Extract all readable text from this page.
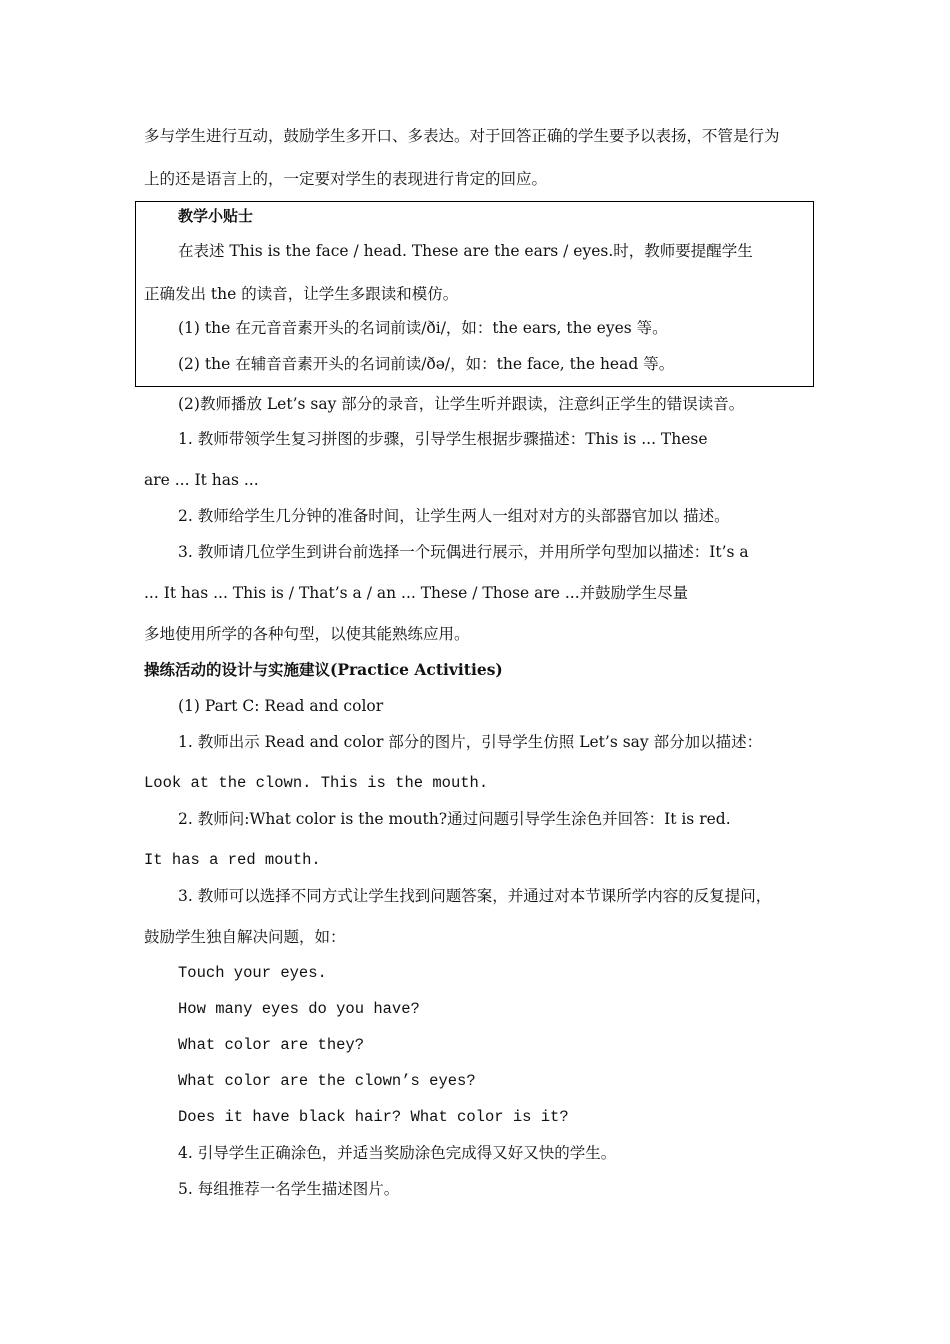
多与学生进行互动，鼓励学生多开口、多表达。对于回答正确的学生要予以表扬，不管是行为
上的还是语言上的，一定要对学生的表现进行肯定的回应。
教学小贴士
在表述 This is the face / head. These are the ears / eyes.时，教师要提醒学生
正确发出 the 的读音，让学生多跟读和模仿。
(1) the 在元音音素开头的名词前读/ði/，如：the ears, the eyes 等。
(2) the 在辅音音素开头的名词前读/ðə/，如：the face, the head 等。
(2)教师播放 Let’s say 部分的录音，让学生听并跟读，注意纠正学生的错误读音。
1. 教师带领学生复习拼图的步骤，引导学生根据步骤描述：This is ... These
are ... It has ...
2. 教师给学生几分钟的准备时间，让学生两人一组对对方的头部器官加以 描述。
3. 教师请几位学生到讲台前选择一个玩偶进行展示，并用所学句型加以描述：It’s a
... It has ... This is / That’s a / an ... These / Those are ...并鼓励学生尽量
多地使用所学的各种句型，以使其能熟练应用。
操练活动的设计与实施建议(Practice Activities)
(1) Part C: Read and color
1. 教师出示 Read and color 部分的图片，引导学生仿照 Let’s say 部分加以描述：
Look at the clown. This is the mouth.
2. 教师问:What color is the mouth?通过问题引导学生涂色并回答：It is red.
It has a red mouth.
3. 教师可以选择不同方式让学生找到问题答案，并通过对本节课所学内容的反复提问，
鼓励学生独自解决问题，如：
Touch your eyes.
How many eyes do you have?
What color are they?
What color are the clown’s eyes?
Does it have black hair? What color is it?
4. 引导学生正确涂色，并适当奖励涂色完成得又好又快的学生。
5. 每组推荐一名学生描述图片。
